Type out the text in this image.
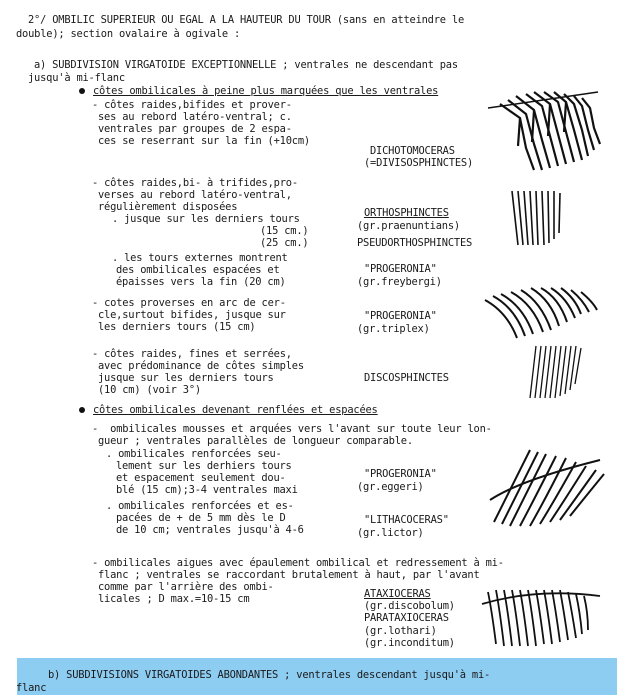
2°/ OMBILIC SUPERIEUR OU EGAL A LA HAUTEUR DU TOUR (sans en atteindre le
double); section ovalaire à ogivale :
a) SUBDIVISION VIRGATOIDE EXCEPTIONNELLE ; ventrales ne descendant pas
jusqu'à mi-flanc
côtes ombilicales à peine plus marquées que les ventrales
- côtes raides,bifides et prover-
ses au rebord latéro-ventral; c.
ventrales par groupes de 2 espa-
ces se reserrant sur la fin (+10cm)
DICHOTOMOCERAS
(=DIVISOSPHINCTES)
- côtes raides,bi- à trifides,pro-
verses au rebord latéro-ventral,
régulièrement disposées
. jusque sur les derniers tours
(15 cm.)
(25 cm.)
ORTHOSPHINCTES
(gr.praenuntians)
PSEUDORTHOSPHINCTES
. les tours externes montrent
des ombilicales espacées et
épaisses vers la fin (20 cm)
"PROGERONIA"
(gr.freybergi)
- cotes proverses en arc de cer-
cle,surtout bifides, jusque sur
les derniers tours (15 cm)
"PROGERONIA"
(gr.triplex)
- côtes raides, fines et serrées,
avec prédominance de côtes simples
jusque sur les derniers tours
(10 cm) (voir 3°)
DISCOSPHINCTES
côtes ombilicales devenant renflées et espacées
-  ombilicales mousses et arquées vers l'avant sur toute leur lon-
gueur ; ventrales parallèles de longueur comparable.
. ombilicales renforcées seu-
lement sur les derhiers tours
et espacement seulement dou-
blé (15 cm);3-4 ventrales maxi
"PROGERONIA"
(gr.eggeri)
. ombilicales renforcées et es-
pacées de + de 5 mm dès le D
de 10 cm; ventrales jusqu'à 4-6
"LITHACOCERAS"
(gr.lictor)
- ombilicales aigues avec épaulement ombilical et redressement à mi-
flanc ; ventrales se raccordant brutalement à haut, par l'avant
comme par l'arrière des ombi-
licales ; D max.=10-15 cm	ATAXIOCERAS
(gr.discobolum)
PARATAXIOCERAS
(gr.lothari)
(gr.inconditum)
b) SUBDIVISIONS VIRGATOIDES ABONDANTES ; ventrales descendant jusqu'à mi-
flanc
